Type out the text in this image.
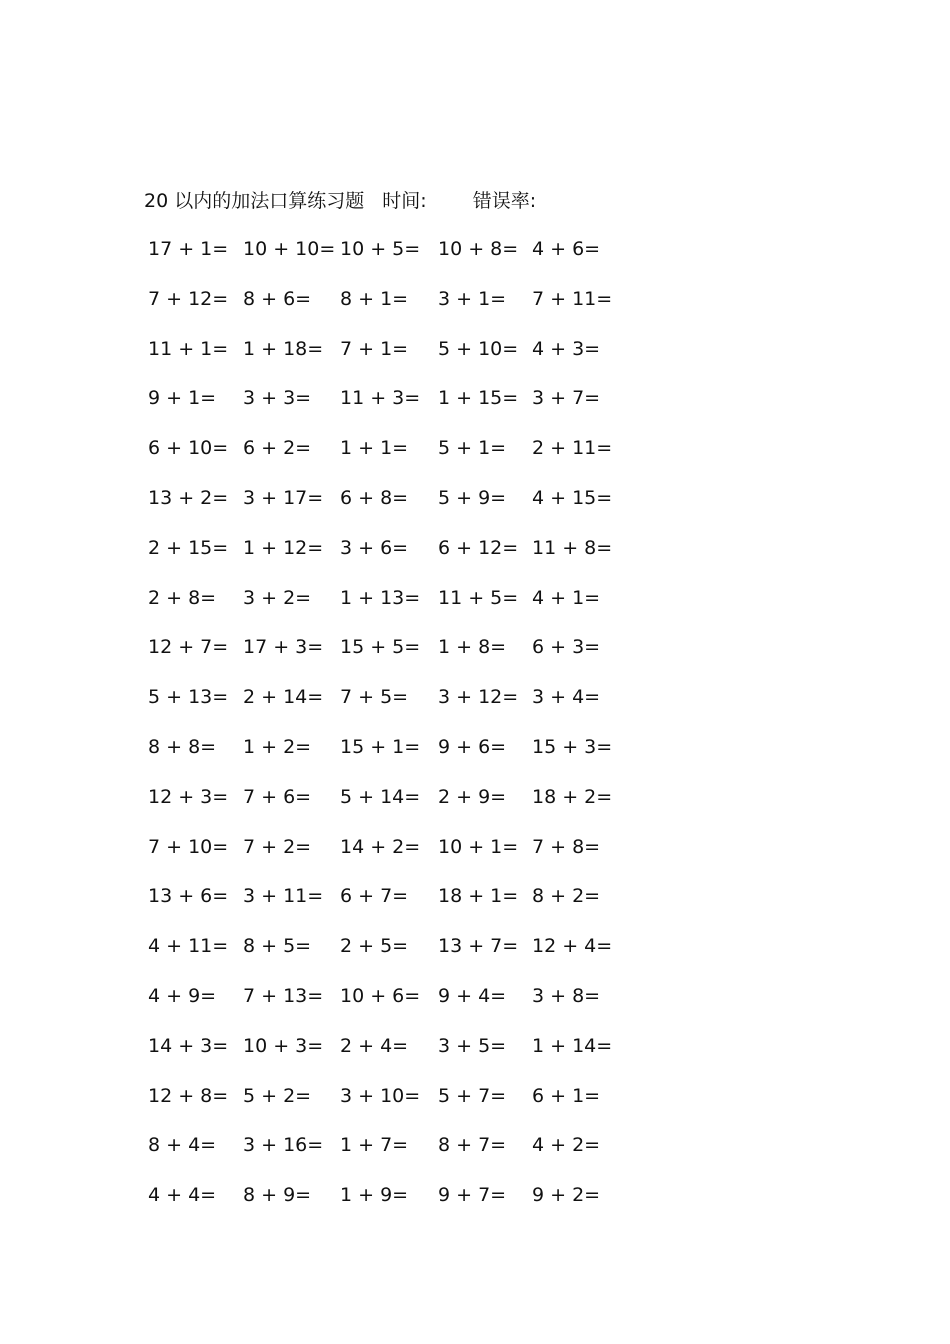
20 以内的加法口算练习题 时间: 错误率:
17 + 1= 10 + 10= 10 + 5= 10 + 8= 4 + 6=
7 + 12= 8 + 6= 8 + 1= 3 + 1= 7 + 11=
11 + 1= 1 + 18= 7 + 1= 5 + 10= 4 + 3=
9 + 1= 3 + 3= 11 + 3= 1 + 15= 3 + 7=
6 + 10= 6 + 2= 1 + 1= 5 + 1= 2 + 11=
13 + 2= 3 + 17= 6 + 8= 5 + 9= 4 + 15=
2 + 15= 1 + 12= 3 + 6= 6 + 12= 11 + 8=
2 + 8= 3 + 2= 1 + 13= 11 + 5= 4 + 1=
12 + 7= 17 + 3= 15 + 5= 1 + 8= 6 + 3=
5 + 13= 2 + 14= 7 + 5= 3 + 12= 3 + 4=
8 + 8= 1 + 2= 15 + 1= 9 + 6= 15 + 3=
12 + 3= 7 + 6= 5 + 14= 2 + 9= 18 + 2=
7 + 10= 7 + 2= 14 + 2= 10 + 1= 7 + 8=
13 + 6= 3 + 11= 6 + 7= 18 + 1= 8 + 2=
4 + 11= 8 + 5= 2 + 5= 13 + 7= 12 + 4=
4 + 9= 7 + 13= 10 + 6= 9 + 4= 3 + 8=
14 + 3= 10 + 3= 2 + 4= 3 + 5= 1 + 14=
12 + 8= 5 + 2= 3 + 10= 5 + 7= 6 + 1=
8 + 4= 3 + 16= 1 + 7= 8 + 7= 4 + 2=
4 + 4= 8 + 9= 1 + 9= 9 + 7= 9 + 2=
